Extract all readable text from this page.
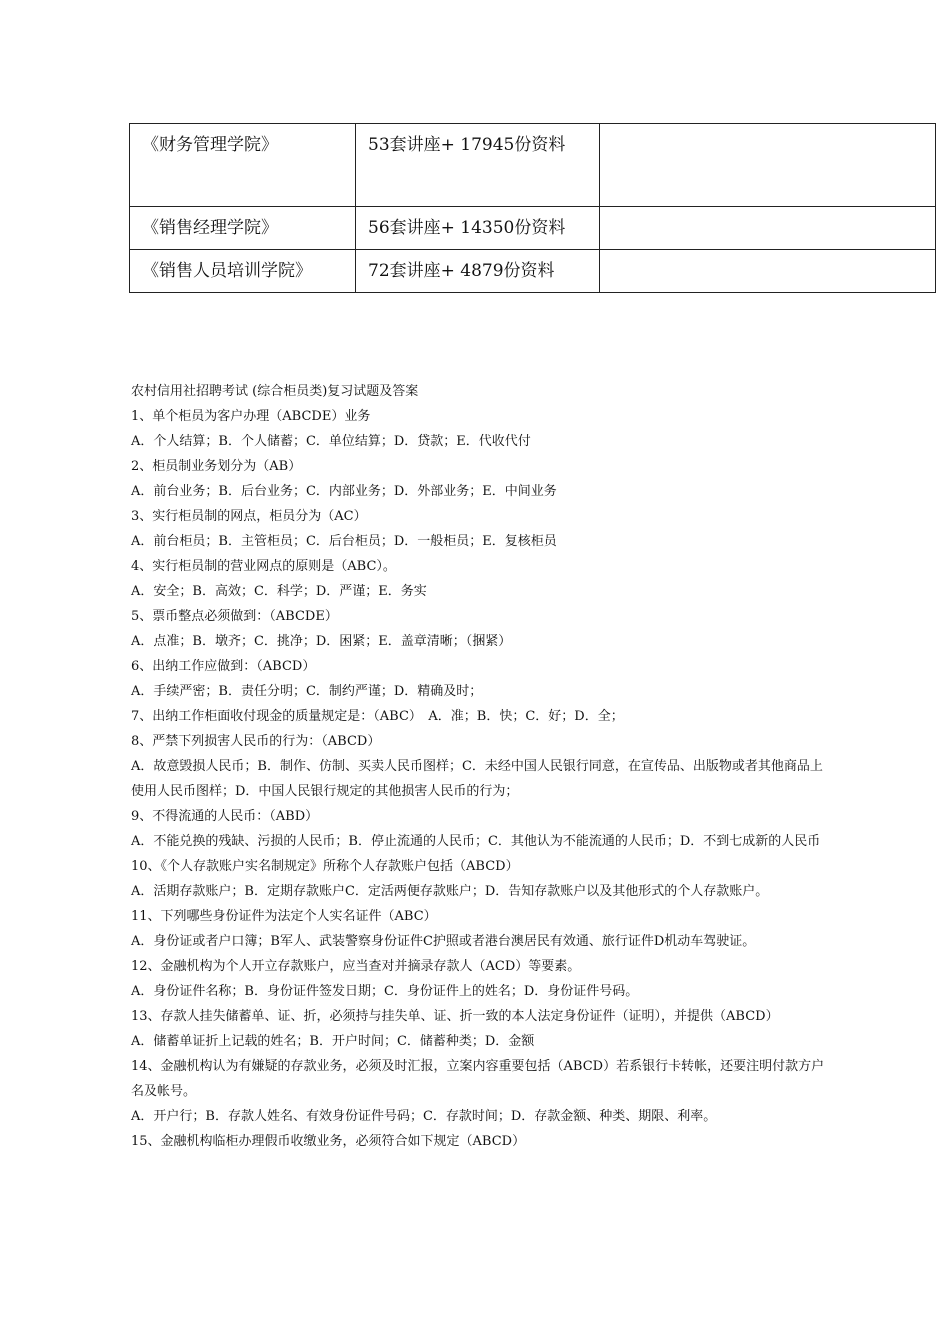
《财务管理学院》	53套讲座+ 17945份资料	
《销售经理学院》	56套讲座+ 14350份资料	
《销售人员培训学院》	72套讲座+ 4879份资料	

农村信用社招聘考试 (综合柜员类)复习试题及答案

1、单个柜员为客户办理（ABCDE）业务

A．个人结算；B．个人储蓄；C．单位结算；D．贷款；E．代收代付

2、柜员制业务划分为（AB）

A．前台业务；B．后台业务；C．内部业务；D．外部业务；E．中间业务

3、实行柜员制的网点，柜员分为（AC）

A．前台柜员；B．主管柜员；C．后台柜员；D．一般柜员；E．复核柜员

4、实行柜员制的营业网点的原则是（ABC）。

A．安全；B．高效；C．科学；D．严谨；E．务实

5、票币整点必须做到：（ABCDE）

A．点准；B．墩齐；C．挑净；D．困紧；E．盖章清晰；（捆紧）

6、出纳工作应做到：（ABCD）

A．手续严密；B．责任分明；C．制约严谨；D．精确及时；

7、出纳工作柜面收付现金的质量规定是：（ABC）　A．准；B．快；C．好；D．全；

8、严禁下列损害人民币的行为：（ABCD）

A．故意毁损人民币；B．制作、仿制、买卖人民币图样；C．未经中国人民银行同意，在宣传品、出版物或者其他商品上使用人民币图样；D．中国人民银行规定的其他损害人民币的行为；

9、不得流通的人民币：（ABD）

A．不能兑换的残缺、污损的人民币；B．停止流通的人民币；C．其他认为不能流通的人民币；D．不到七成新的人民币

10、《个人存款账户实名制规定》所称个人存款账户包括（ABCD）

A．活期存款账户；B．定期存款账户C．定活两便存款账户；D．告知存款账户以及其他形式的个人存款账户。

11、下列哪些身份证件为法定个人实名证件（ABC）

A．身份证或者户口簿；B军人、武装警察身份证件C护照或者港台澳居民有效通、旅行证件D机动车驾驶证。

12、金融机构为个人开立存款账户，应当查对并摘录存款人（ACD）等要素。

A．身份证件名称；B．身份证件签发日期；C．身份证件上的姓名；D．身份证件号码。

13、存款人挂失储蓄单、证、折，必须持与挂失单、证、折一致的本人法定身份证件（证明），并提供（ABCD）

A．储蓄单证折上记载的姓名；B．开户时间；C．储蓄种类；D．金额

14、金融机构认为有嫌疑的存款业务，必须及时汇报，立案内容重要包括（ABCD）若系银行卡转帐，还要注明付款方户名及帐号。

A．开户行；B．存款人姓名、有效身份证件号码；C．存款时间；D．存款金额、种类、期限、利率。

15、金融机构临柜办理假币收缴业务，必须符合如下规定（ABCD）
